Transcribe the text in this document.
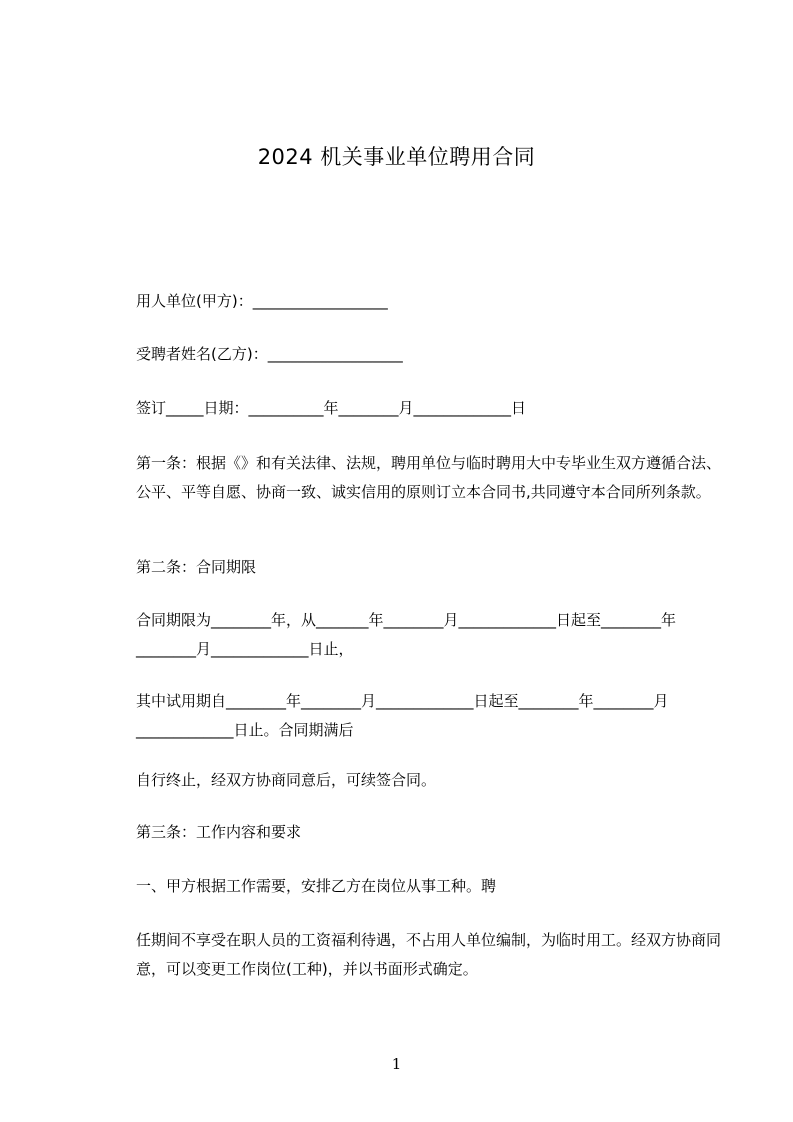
2024 机关事业单位聘用合同
用人单位(甲方)：__________________
受聘者姓名(乙方)：__________________
签订_____日期：__________年________月_____________日
第一条：根据《》和有关法律、法规，聘用单位与临时聘用大中专毕业生双方遵循合法、公平、平等自愿、协商一致、诚实信用的原则订立本合同书,共同遵守本合同所列条款。
第二条：合同期限
合同期限为________年，从_______年________月_____________日起至________年________月_____________日止，
其中试用期自________年________月_____________日起至________年________月_____________日止。合同期满后
自行终止，经双方协商同意后，可续签合同。
第三条：工作内容和要求
一、甲方根据工作需要，安排乙方在岗位从事工种。聘
任期间不享受在职人员的工资福利待遇，不占用人单位编制，为临时用工。经双方协商同意，可以变更工作岗位(工种)，并以书面形式确定。
1
